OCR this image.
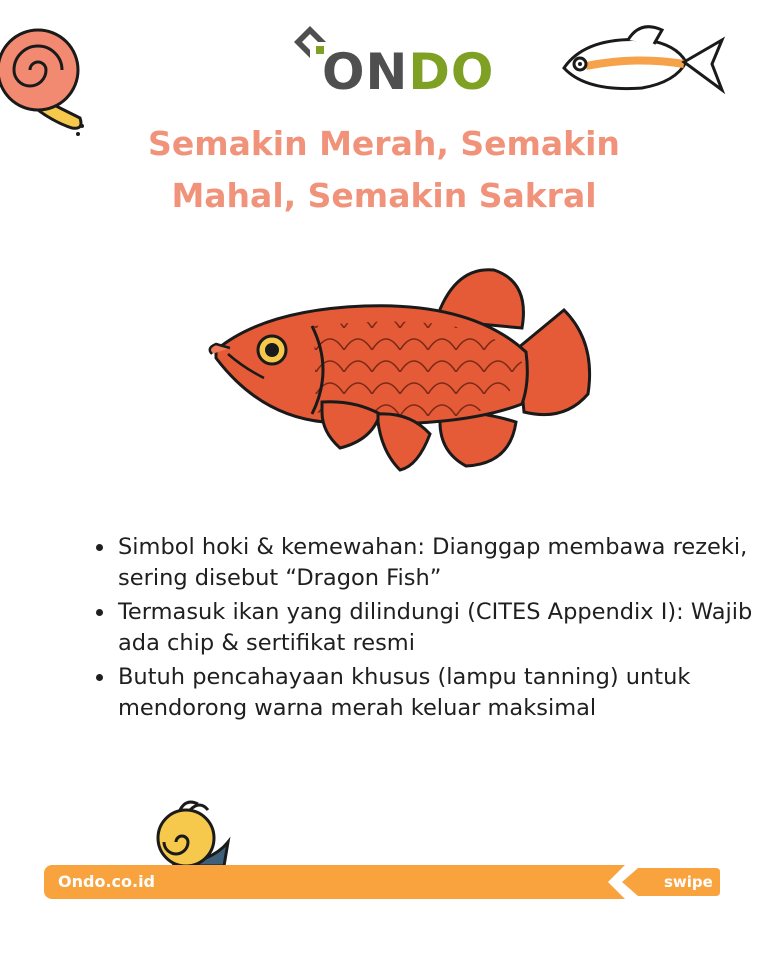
ONDO
Semakin Merah, Semakin
Mahal, Semakin Sakral
• Simbol hoki & kemewahan: Dianggap membawa rezeki, sering disebut “Dragon Fish”
• Termasuk ikan yang dilindungi (CITES Appendix I): Wajib ada chip & sertifikat resmi
• Butuh pencahayaan khusus (lampu tanning) untuk mendorong warna merah keluar maksimal
Ondo.co.id	swipe
